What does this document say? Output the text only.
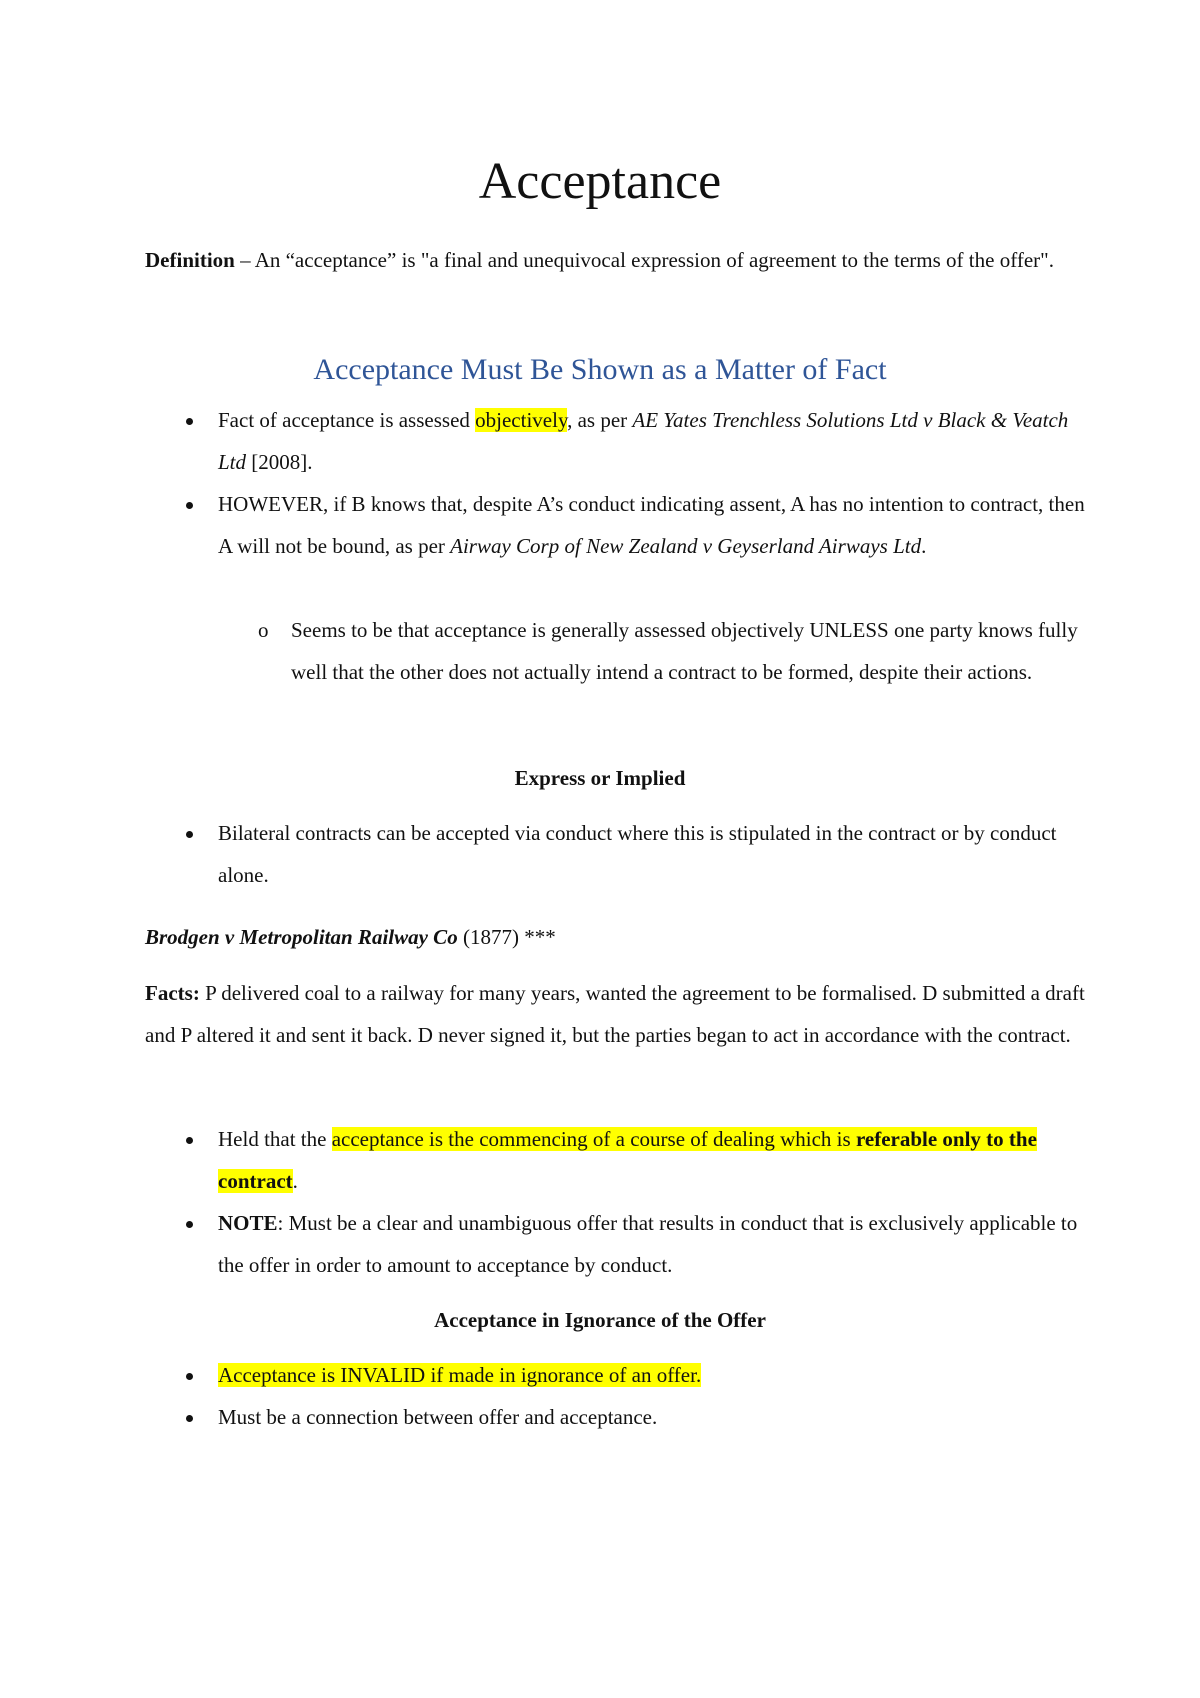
Acceptance

Definition – An “acceptance” is "a final and unequivocal expression of agreement to the terms of the offer".

Acceptance Must Be Shown as a Matter of Fact

Fact of acceptance is assessed objectively, as per AE Yates Trenchless Solutions Ltd v Black & Veatch Ltd [2008].

HOWEVER, if B knows that, despite A’s conduct indicating assent, A has no intention to contract, then A will not be bound, as per Airway Corp of New Zealand v Geyserland Airways Ltd.

o Seems to be that acceptance is generally assessed objectively UNLESS one party knows fully well that the other does not actually intend a contract to be formed, despite their actions.

Express or Implied

Bilateral contracts can be accepted via conduct where this is stipulated in the contract or by conduct alone.

Brodgen v Metropolitan Railway Co (1877) ***

Facts: P delivered coal to a railway for many years, wanted the agreement to be formalised. D submitted a draft and P altered it and sent it back. D never signed it, but the parties began to act in accordance with the contract.

Held that the acceptance is the commencing of a course of dealing which is referable only to the contract.

NOTE: Must be a clear and unambiguous offer that results in conduct that is exclusively applicable to the offer in order to amount to acceptance by conduct.

Acceptance in Ignorance of the Offer

Acceptance is INVALID if made in ignorance of an offer.

Must be a connection between offer and acceptance.
